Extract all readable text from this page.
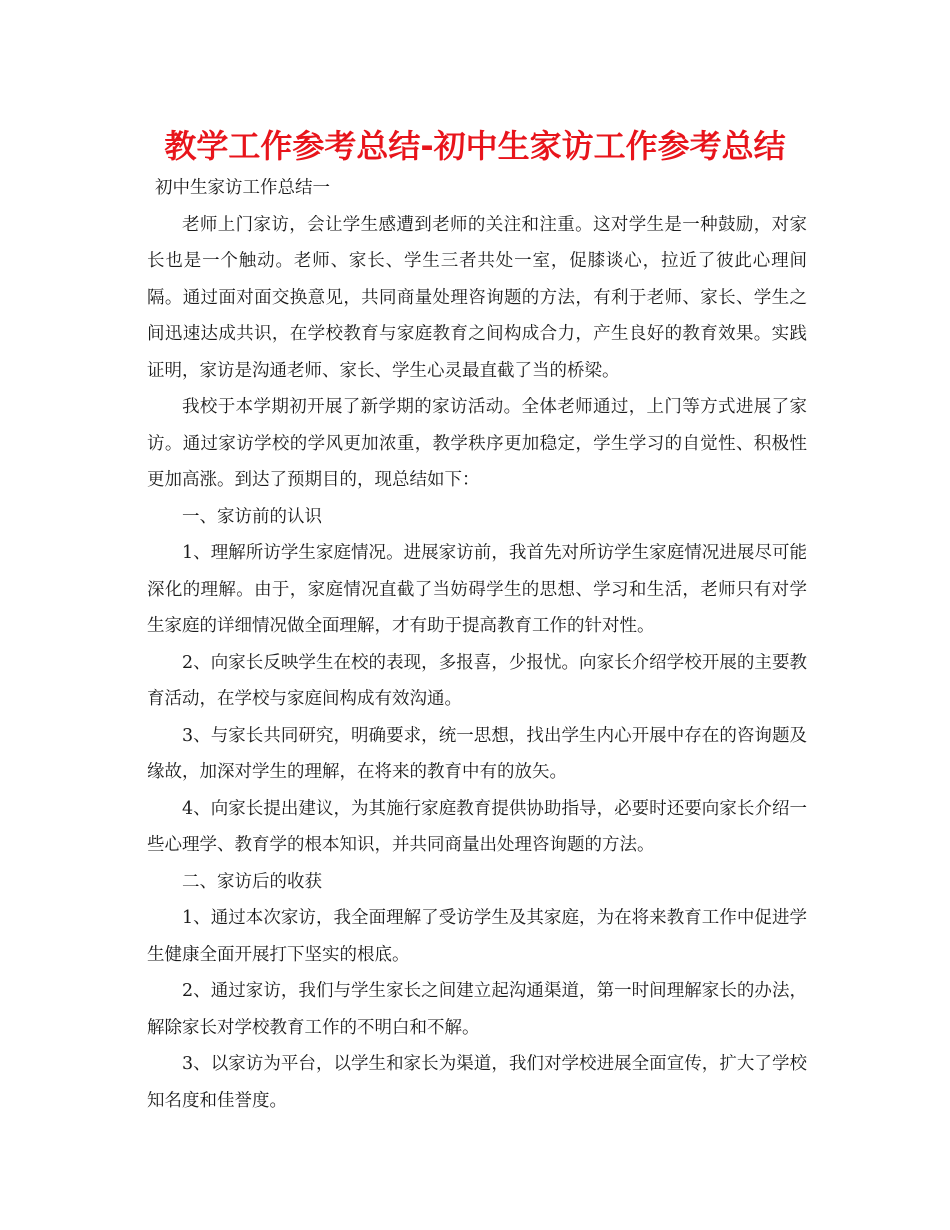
教学工作参考总结-初中生家访工作参考总结

初中生家访工作总结一

老师上门家访，会让学生感遭到老师的关注和注重。这对学生是一种鼓励，对家长也是一个触动。老师、家长、学生三者共处一室，促膝谈心，拉近了彼此心理间隔。通过面对面交换意见，共同商量处理咨询题的方法，有利于老师、家长、学生之间迅速达成共识，在学校教育与家庭教育之间构成合力，产生良好的教育效果。实践证明，家访是沟通老师、家长、学生心灵最直截了当的桥梁。

我校于本学期初开展了新学期的家访活动。全体老师通过，上门等方式进展了家访。通过家访学校的学风更加浓重，教学秩序更加稳定，学生学习的自觉性、积极性更加高涨。到达了预期目的，现总结如下：

一、家访前的认识

1、理解所访学生家庭情况。进展家访前，我首先对所访学生家庭情况进展尽可能深化的理解。由于，家庭情况直截了当妨碍学生的思想、学习和生活，老师只有对学生家庭的详细情况做全面理解，才有助于提高教育工作的针对性。

2、向家长反映学生在校的表现，多报喜，少报忧。向家长介绍学校开展的主要教育活动，在学校与家庭间构成有效沟通。

3、与家长共同研究，明确要求，统一思想，找出学生内心开展中存在的咨询题及缘故，加深对学生的理解，在将来的教育中有的放矢。

4、向家长提出建议，为其施行家庭教育提供协助指导，必要时还要向家长介绍一些心理学、教育学的根本知识，并共同商量出处理咨询题的方法。

二、家访后的收获

1、通过本次家访，我全面理解了受访学生及其家庭，为在将来教育工作中促进学生健康全面开展打下坚实的根底。

2、通过家访，我们与学生家长之间建立起沟通渠道，第一时间理解家长的办法，解除家长对学校教育工作的不明白和不解。

3、以家访为平台，以学生和家长为渠道，我们对学校进展全面宣传，扩大了学校知名度和佳誉度。
